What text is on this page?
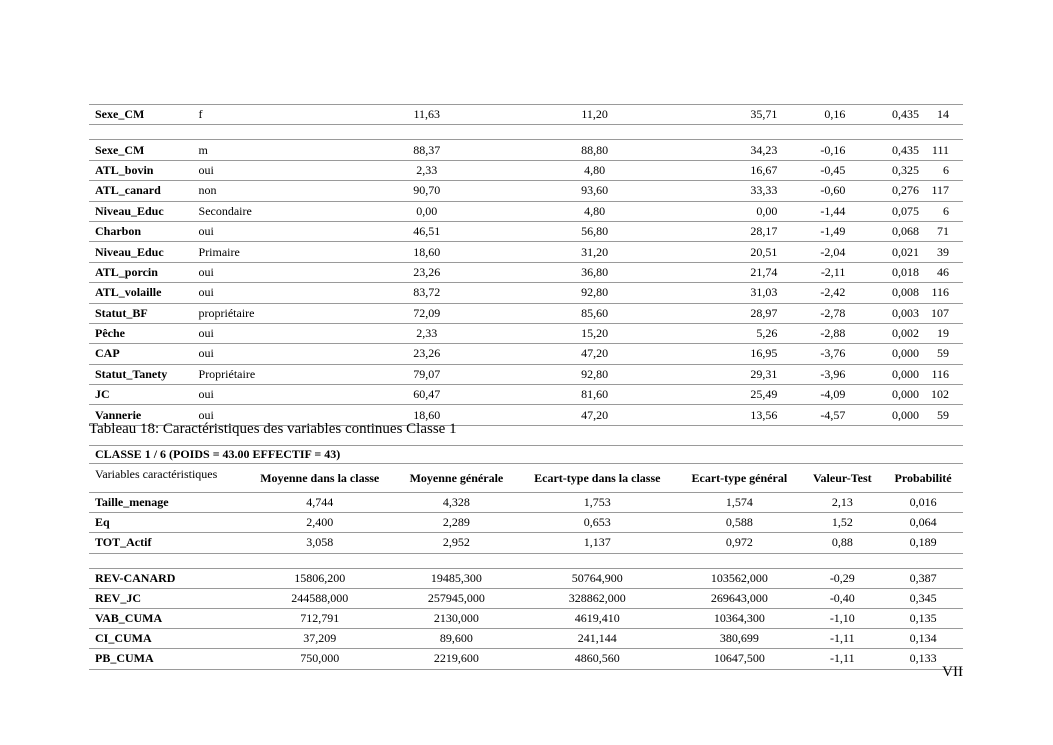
Sexe_CM	f	11,63	11,20	35,71	0,16	0,435	14

Sexe_CM	m	88,37	88,80	34,23	-0,16	0,435	111
ATL_bovin	oui	2,33	4,80	16,67	-0,45	0,325	6
ATL_canard	non	90,70	93,60	33,33	-0,60	0,276	117
Niveau_Educ	Secondaire	0,00	4,80	0,00	-1,44	0,075	6
Charbon	oui	46,51	56,80	28,17	-1,49	0,068	71
Niveau_Educ	Primaire	18,60	31,20	20,51	-2,04	0,021	39
ATL_porcin	oui	23,26	36,80	21,74	-2,11	0,018	46
ATL_volaille	oui	83,72	92,80	31,03	-2,42	0,008	116
Statut_BF	propriétaire	72,09	85,60	28,97	-2,78	0,003	107
Pêche	oui	2,33	15,20	5,26	-2,88	0,002	19
CAP	oui	23,26	47,20	16,95	-3,76	0,000	59
Statut_Tanety	Propriétaire	79,07	92,80	29,31	-3,96	0,000	116
JC	oui	60,47	81,60	25,49	-4,09	0,000	102
Vannerie	oui	18,60	47,20	13,56	-4,57	0,000	59
Tableau 18: Caractéristiques des variables continues Classe 1
CLASSE 1 / 6 (POIDS = 43.00 EFFECTIF = 43)						
Variables caractéristiques	Moyenne dans la classe	Moyenne générale	Ecart-type dans la classe	Ecart-type général	Valeur-Test	Probabilité
Taille_menage	4,744	4,328	1,753	1,574	2,13	0,016
Eq	2,400	2,289	0,653	0,588	1,52	0,064
TOT_Actif	3,058	2,952	1,137	0,972	0,88	0,189

REV-CANARD	15806,200	19485,300	50764,900	103562,000	-0,29	0,387
REV_JC	244588,000	257945,000	328862,000	269643,000	-0,40	0,345
VAB_CUMA	712,791	2130,000	4619,410	10364,300	-1,10	0,135
CI_CUMA	37,209	89,600	241,144	380,699	-1,11	0,134
PB_CUMA	750,000	2219,600	4860,560	10647,500	-1,11	0,133
VII
